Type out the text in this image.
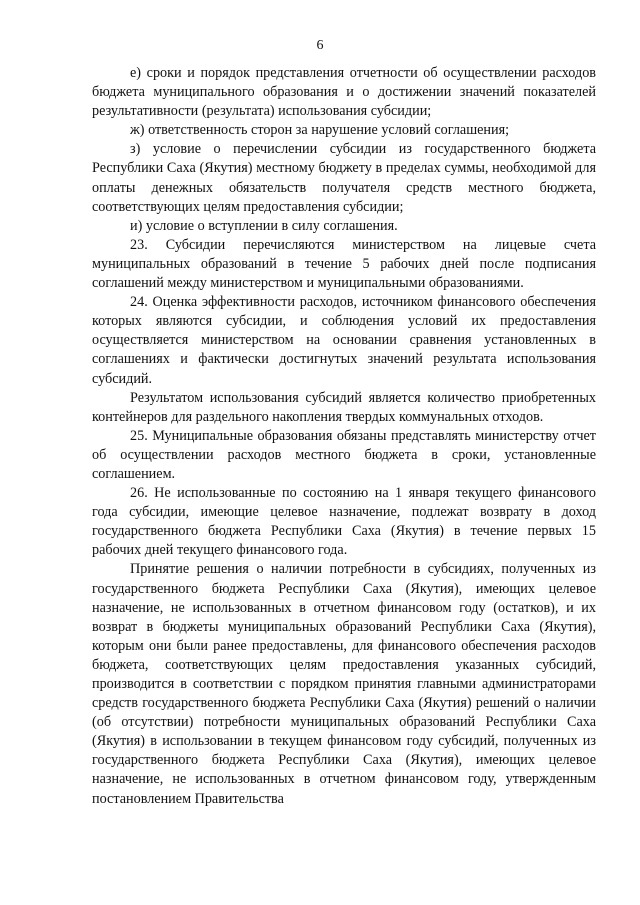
6

е) сроки и порядок представления отчетности об осуществлении расходов бюджета муниципального образования и о достижении значений показателей результативности (результата) использования субсидии;

ж) ответственность сторон за нарушение условий соглашения;

з) условие о перечислении субсидии из государственного бюджета Республики Саха (Якутия) местному бюджету в пределах суммы, необходимой для оплаты денежных обязательств получателя средств местного бюджета, соответствующих целям предоставления субсидии;

и) условие о вступлении в силу соглашения.

23. Субсидии перечисляются министерством на лицевые счета муниципальных образований в течение 5 рабочих дней после подписания соглашений между министерством и муниципальными образованиями.

24. Оценка эффективности расходов, источником финансового обеспечения которых являются субсидии, и соблюдения условий их предоставления осуществляется министерством на основании сравнения установленных в соглашениях и фактически достигнутых значений результата использования субсидий.

Результатом использования субсидий является количество приобретенных контейнеров для раздельного накопления твердых коммунальных отходов.

25. Муниципальные образования обязаны представлять министерству отчет об осуществлении расходов местного бюджета в сроки, установленные соглашением.

26. Не использованные по состоянию на 1 января текущего финансового года субсидии, имеющие целевое назначение, подлежат возврату в доход государственного бюджета Республики Саха (Якутия) в течение первых 15 рабочих дней текущего финансового года.

Принятие решения о наличии потребности в субсидиях, полученных из государственного бюджета Республики Саха (Якутия), имеющих целевое назначение, не использованных в отчетном финансовом году (остатков), и их возврат в бюджеты муниципальных образований Республики Саха (Якутия), которым они были ранее предоставлены, для финансового обеспечения расходов бюджета, соответствующих целям предоставления указанных субсидий, производится в соответствии с порядком принятия главными администраторами средств государственного бюджета Республики Саха (Якутия) решений о наличии (об отсутствии) потребности муниципальных образований Республики Саха (Якутия) в использовании в текущем финансовом году субсидий, полученных из государственного бюджета Республики Саха (Якутия), имеющих целевое назначение, не использованных в отчетном финансовом году, утвержденным постановлением Правительства
